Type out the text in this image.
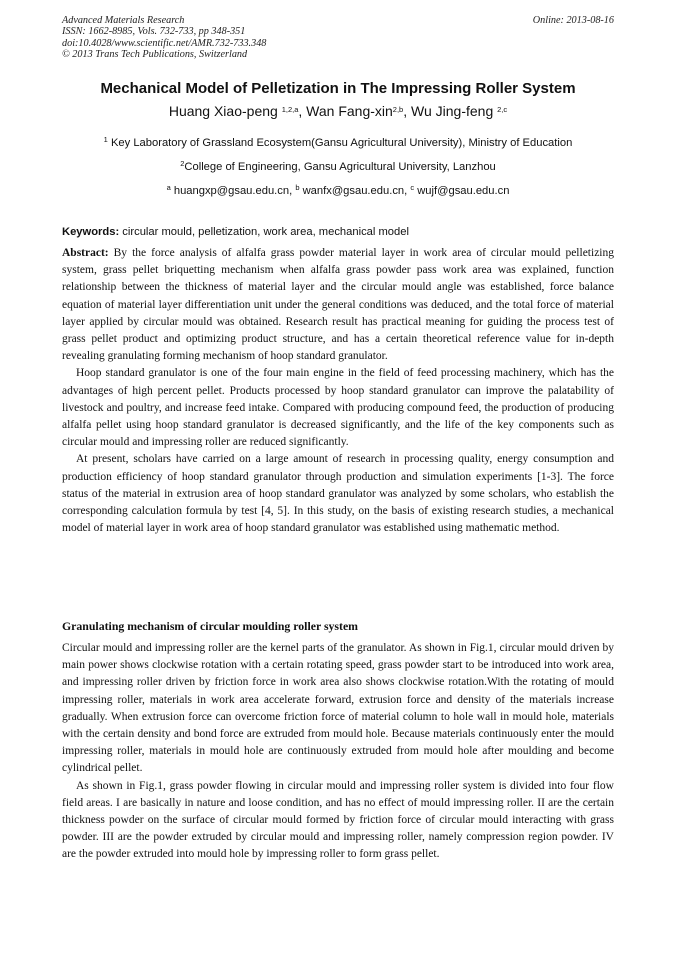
Advanced Materials Research
ISSN: 1662-8985, Vols. 732-733, pp 348-351
doi:10.4028/www.scientific.net/AMR.732-733.348
© 2013 Trans Tech Publications, Switzerland
Online: 2013-08-16
Mechanical Model of Pelletization in The Impressing Roller System
Huang Xiao-peng $^{1,2,a}$, Wan Fang-xin$^{2,b}$, Wu Jing-feng $^{2,c}$
$^1$ Key Laboratory of Grassland Ecosystem(Gansu Agricultural University), Ministry of Education
$^2$College of Engineering, Gansu Agricultural University, Lanzhou
$^a$ huangxp@gsau.edu.cn, $^b$ wanfx@gsau.edu.cn, $^c$ wujf@gsau.edu.cn
Keywords: circular mould, pelletization, work area, mechanical model

Abstract: By the force analysis of alfalfa grass powder material layer in work area of circular mould pelletizing system, grass pellet briquetting mechanism when alfalfa grass powder pass work area was explained, function relationship between the thickness of material layer and the circular mould angle was established, force balance equation of material layer differentiation unit under the general conditions was deduced, and the total force of material layer applied by circular mould was obtained. Research result has practical meaning for guiding the process test of grass pellet product and optimizing product structure, and has a certain theoretical reference value for in-depth revealing granulating forming mechanism of hoop standard granulator.

Hoop standard granulator is one of the four main engine in the field of feed processing machinery, which has the advantages of high percent pellet. Products processed by hoop standard granulator can improve the palatability of livestock and poultry, and increase feed intake. Compared with producing compound feed, the production of producing alfalfa pellet using hoop standard granulator is decreased significantly, and the life of the key components such as circular mould and impressing roller are reduced significantly.

At present, scholars have carried on a large amount of research in processing quality, energy consumption and production efficiency of hoop standard granulator through production and simulation experiments [1-3]. The force status of the material in extrusion area of hoop standard granulator was analyzed by some scholars, who establish the corresponding calculation formula by test [4, 5]. In this study, on the basis of existing research studies, a mechanical model of material layer in work area of hoop standard granulator was established using mathematic method.

Granulating mechanism of circular moulding roller system

Circular mould and impressing roller are the kernel parts of the granulator. As shown in Fig.1, circular mould driven by main power shows clockwise rotation with a certain rotating speed, grass powder start to be introduced into work area, and impressing roller driven by friction force in work area also shows clockwise rotation.With the rotating of mould impressing roller, materials in work area accelerate forward, extrusion force and density of the materials increase gradually. When extrusion force can overcome friction force of material column to hole wall in mould hole, materials with the certain density and bond force are extruded from mould hole. Because materials continuously enter the mould impressing roller, materials in mould hole are continuously extruded from mould hole after moulding and become cylindrical pellet.

As shown in Fig.1, grass powder flowing in circular mould and impressing roller system is divided into four flow field areas. I are basically in nature and loose condition, and has no effect of mould impressing roller. II are the certain thickness powder on the surface of circular mould formed by friction force of circular mould interacting with grass powder. III are the powder extruded by circular mould and impressing roller, namely compression region powder. IV are the powder extruded into mould hole by impressing roller to form grass pellet.
